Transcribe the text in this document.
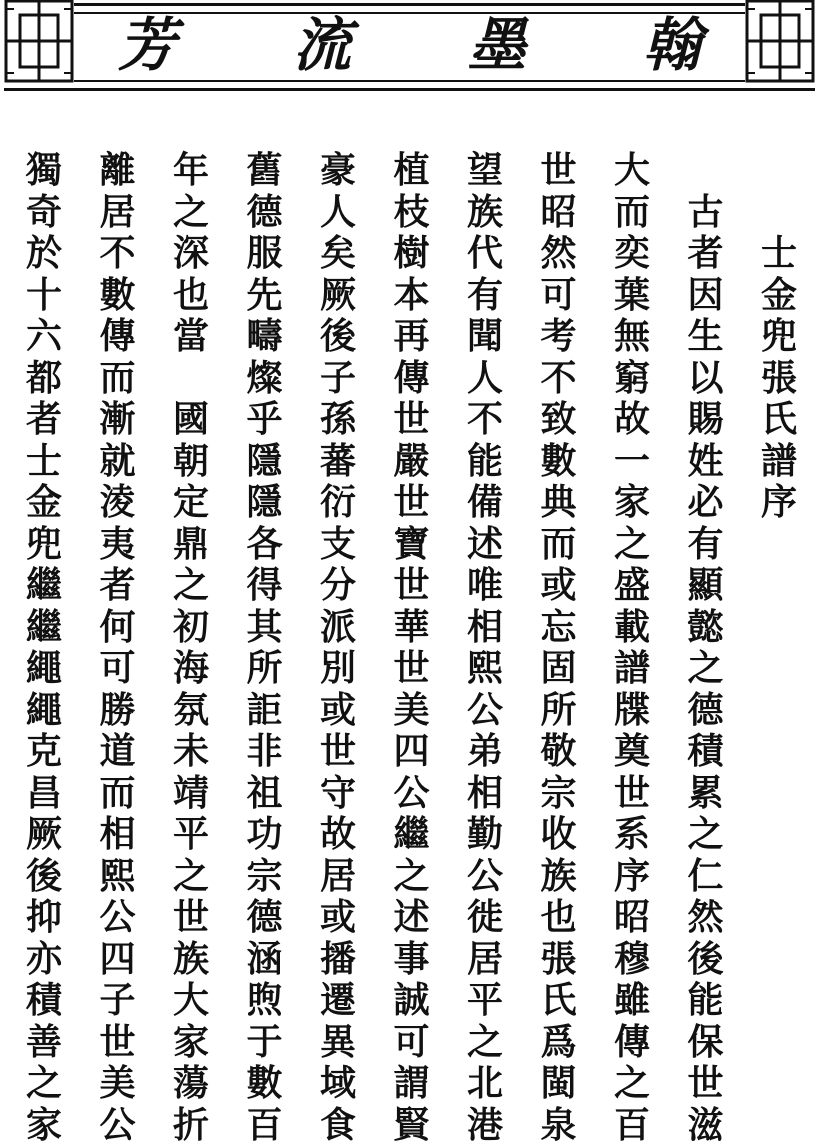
芳 流 墨 翰
士
金
兜
張
氏
譜
序
古
者
因
生
以
賜
姓
必
有
顯
懿
之
德
積
累
之
仁
然
後
能
保
世
滋
大
而
奕
葉
無
窮
故
一
家
之
盛
載
譜
牒
奠
世
系
序
昭
穆
雖
傳
之
百
世
昭
然
可
考
不
致
數
典
而
或
忘
固
所
敬
宗
收
族
也
張
氏
爲
閩
泉
望
族
代
有
聞
人
不
能
備
述
唯
相
熙
公
弟
相
勤
公
徙
居
平
之
北
港
植
枝
樹
本
再
傳
世
嚴
世
寶
世
華
世
美
四
公
繼
之
述
事
誠
可
謂
賢
豪
人
矣
厥
後
子
孫
蕃
衍
支
分
派
別
或
世
守
故
居
或
播
遷
異
域
食
舊
德
服
先
疇
燦
乎
隱
隱
各
得
其
所
詎
非
祖
功
宗
德
涵
煦
于
數
百
年
之
深
也
當

國
朝
定
鼎
之
初
海
氛
未
靖
平
之
世
族
大
家
蕩
折
離
居
不
數
傳
而
漸
就
淩
夷
者
何
可
勝
道
而
相
熙
公
四
子
世
美
公
獨
奇
於
十
六
都
者
士
金
兜
繼
繼
繩
繩
克
昌
厥
後
抑
亦
積
善
之
家
